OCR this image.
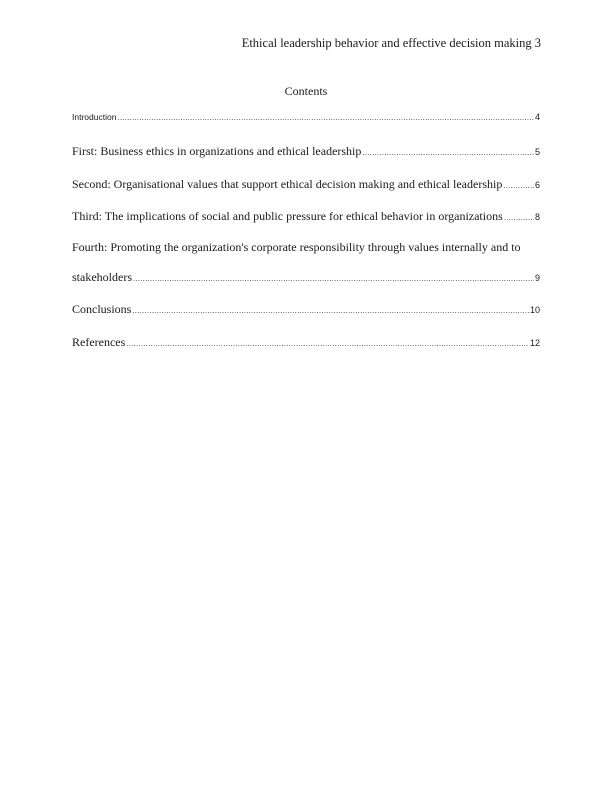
Ethical leadership behavior and effective decision making 3
Contents
Introduction .....	4
First: Business ethics in organizations and ethical leadership .....	5
Second: Organisational values that support ethical decision making and ethical leadership .....	6
Third: The implications of social and public pressure for ethical behavior in organizations .....	8
Fourth: Promoting the organization's corporate responsibility through values internally and to
stakeholders .....	9
Conclusions .....	10
References .....	12
